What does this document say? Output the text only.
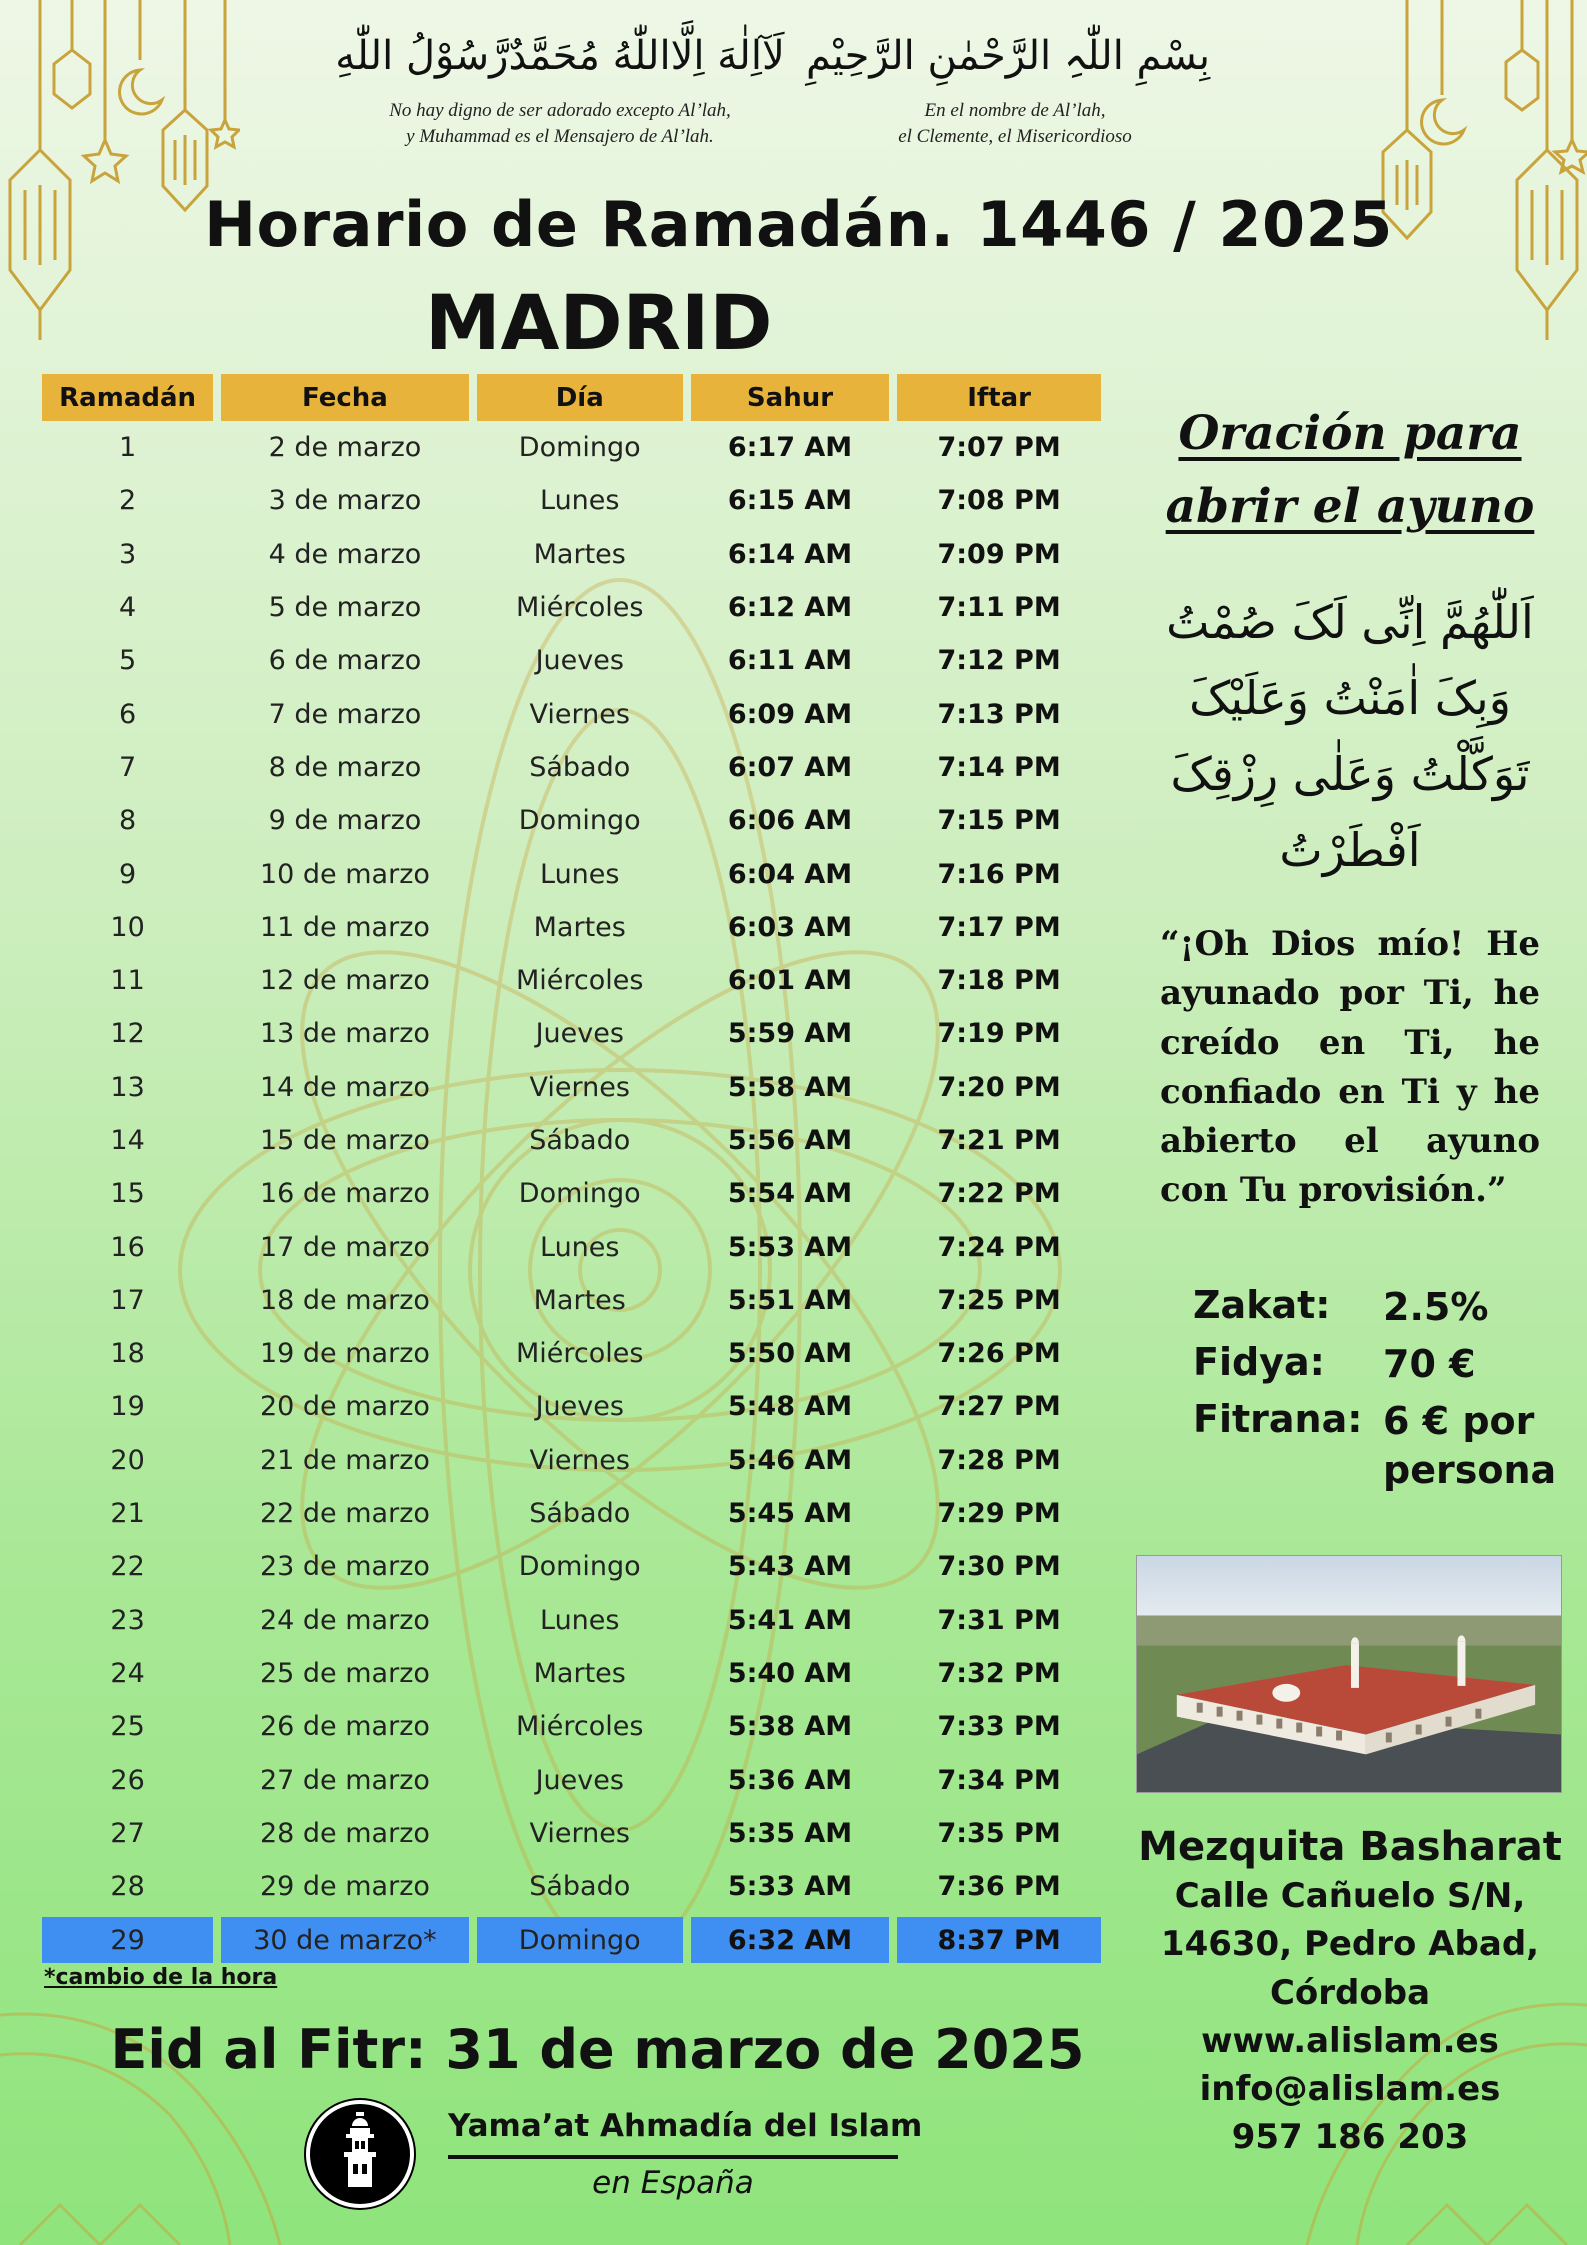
لَآاِلٰهَ اِلَّااللّٰهُ مُحَمَّدٌرَّسُوْلُ اللّٰهِ
No hay digno de ser adorado excepto Al’lah,
y Muhammad es el Mensajero de Al’lah.
بِسْمِ اللّٰہِ الرَّحْمٰنِ الرَّحِیْمِ
En el nombre de Al’lah,
el Clemente, el Misericordioso
Horario de Ramadán. 1446 / 2025
MADRID
Ramadán	Fecha	Día	Sahur	Iftar
1	2 de marzo	Domingo	6:17 AM	7:07 PM
2	3 de marzo	Lunes	6:15 AM	7:08 PM
3	4 de marzo	Martes	6:14 AM	7:09 PM
4	5 de marzo	Miércoles	6:12 AM	7:11 PM
5	6 de marzo	Jueves	6:11 AM	7:12 PM
6	7 de marzo	Viernes	6:09 AM	7:13 PM
7	8 de marzo	Sábado	6:07 AM	7:14 PM
8	9 de marzo	Domingo	6:06 AM	7:15 PM
9	10 de marzo	Lunes	6:04 AM	7:16 PM
10	11 de marzo	Martes	6:03 AM	7:17 PM
11	12 de marzo	Miércoles	6:01 AM	7:18 PM
12	13 de marzo	Jueves	5:59 AM	7:19 PM
13	14 de marzo	Viernes	5:58 AM	7:20 PM
14	15 de marzo	Sábado	5:56 AM	7:21 PM
15	16 de marzo	Domingo	5:54 AM	7:22 PM
16	17 de marzo	Lunes	5:53 AM	7:24 PM
17	18 de marzo	Martes	5:51 AM	7:25 PM
18	19 de marzo	Miércoles	5:50 AM	7:26 PM
19	20 de marzo	Jueves	5:48 AM	7:27 PM
20	21 de marzo	Viernes	5:46 AM	7:28 PM
21	22 de marzo	Sábado	5:45 AM	7:29 PM
22	23 de marzo	Domingo	5:43 AM	7:30 PM
23	24 de marzo	Lunes	5:41 AM	7:31 PM
24	25 de marzo	Martes	5:40 AM	7:32 PM
25	26 de marzo	Miércoles	5:38 AM	7:33 PM
26	27 de marzo	Jueves	5:36 AM	7:34 PM
27	28 de marzo	Viernes	5:35 AM	7:35 PM
28	29 de marzo	Sábado	5:33 AM	7:36 PM

29	30 de marzo*	Domingo	6:32 AM	8:37 PM
*cambio de la hora
Eid al Fitr: 31 de marzo de 2025
Yama’at Ahmadía del Islam
en España
Oración para
abrir el ayuno
اَللّٰهُمَّ اِنِّی لَکَ صُمْتُ
وَبِکَ اٰمَنْتُ وَعَلَیْکَ
تَوَکَّلْتُ وَعَلٰی رِزْقِکَ
اَفْطَرْتُ
“¡Oh Dios mío! He ayunado por Ti, he creído en Ti, he confiado en Ti y he abierto el ayuno con Tu provisión.”
Zakat:	2.5%
Fidya:	70 €
Fitrana: 6 € por persona
Mezquita Basharat
Calle Cañuelo S/N,
14630, Pedro Abad,
Córdoba
www.alislam.es
info@alislam.es
957 186 203
